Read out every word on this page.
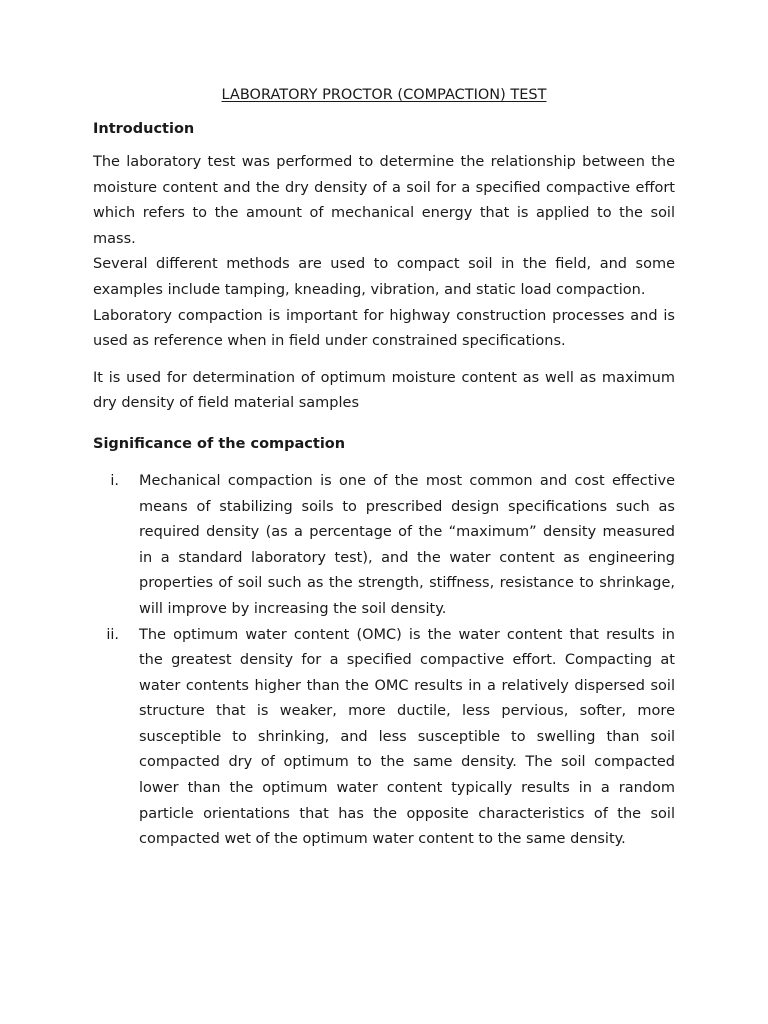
LABORATORY PROCTOR (COMPACTION) TEST
Introduction

The laboratory test was performed to determine the relationship between the moisture content and the dry density of a soil for a specified compactive effort which refers to the amount of mechanical energy that is applied to the soil mass.

Several different methods are used to compact soil in the field, and some examples include tamping, kneading, vibration, and static load compaction.

Laboratory compaction is important for highway construction processes and is used as reference when in field under constrained specifications.

It is used for determination of optimum moisture content as well as maximum dry density of field material samples

Significance of the compaction
i. Mechanical compaction is one of the most common and cost effective means of stabilizing soils to prescribed design specifications such as required density (as a percentage of the “maximum” density measured in a standard laboratory test), and the water content as engineering properties of soil such as the strength, stiffness, resistance to shrinkage, will improve by increasing the soil density.

ii. The optimum water content (OMC) is the water content that results in the greatest density for a specified compactive effort. Compacting at water contents higher than the OMC results in a relatively dispersed soil structure that is weaker, more ductile, less pervious, softer, more susceptible to shrinking, and less susceptible to swelling than soil compacted dry of optimum to the same density. The soil compacted lower than the optimum water content typically results in a random particle orientations that has the opposite characteristics of the soil compacted wet of the optimum water content to the same density.
